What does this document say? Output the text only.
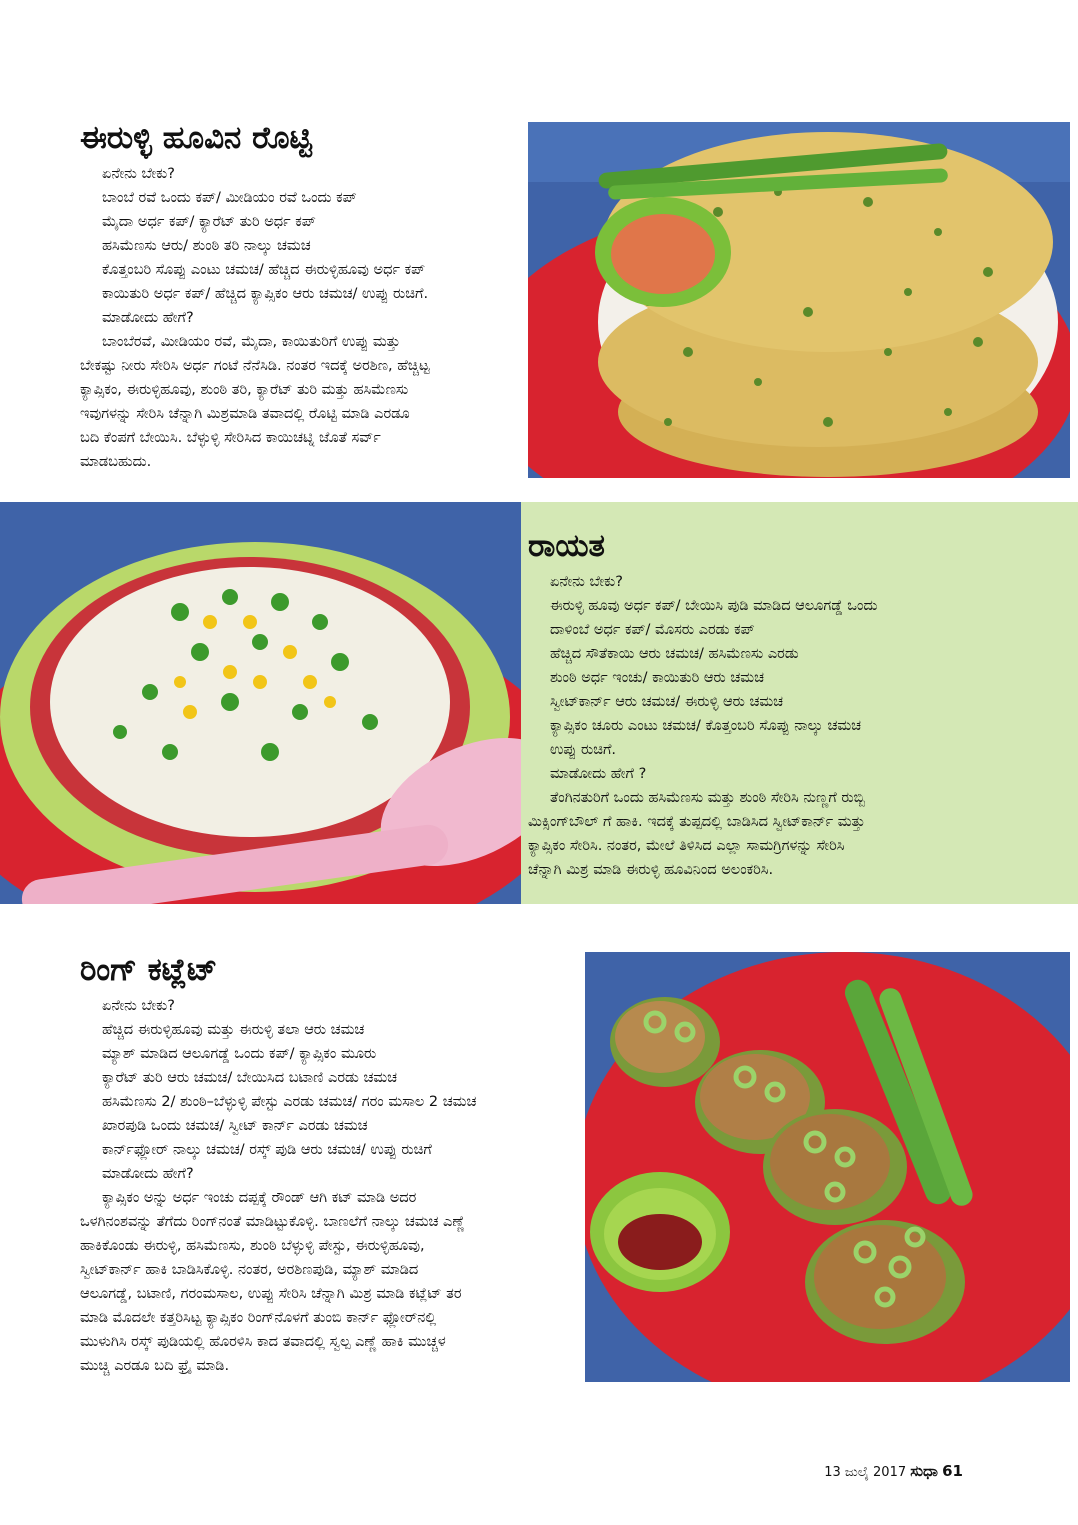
ಈರುಳ್ಳಿ ಹೂವಿನ ರೊಟ್ಟಿ
ಏನೇನು ಬೇಕು?
ಬಾಂಬೆ ರವೆ ಒಂದು ಕಪ್/ ಮೀಡಿಯಂ ರವೆ ಒಂದು ಕಪ್
ಮೈದಾ ಅರ್ಧ ಕಪ್/ ಕ್ಯಾರೆಟ್ ತುರಿ ಅರ್ಧ ಕಪ್
ಹಸಿಮೆಣಸು ಆರು/ ಶುಂಠಿ ತರಿ ನಾಲ್ಕು ಚಮಚ
ಕೊತ್ತಂಬರಿ ಸೊಪ್ಪು ಎಂಟು ಚಮಚ/ ಹೆಚ್ಚಿದ ಈರುಳ್ಳಿಹೂವು ಅರ್ಧ ಕಪ್
ಕಾಯಿತುರಿ ಅರ್ಧ ಕಪ್/ ಹೆಚ್ಚಿದ ಕ್ಯಾಪ್ಸಿಕಂ ಆರು ಚಮಚ/ ಉಪ್ಪು ರುಚಿಗೆ.
ಮಾಡೋದು ಹೇಗೆ?
ಬಾಂಬೆರವೆ, ಮೀಡಿಯಂ ರವೆ, ಮೈದಾ, ಕಾಯಿತುರಿಗೆ ಉಪ್ಪು ಮತ್ತು
ಬೇಕಷ್ಟು ನೀರು ಸೇರಿಸಿ ಅರ್ಧ ಗಂಟೆ ನೆನೆಸಿಡಿ. ನಂತರ ಇದಕ್ಕೆ ಅರಶಿಣ, ಹೆಚ್ಚಿಟ್ಟ
ಕ್ಯಾಪ್ಸಿಕಂ, ಈರುಳ್ಳಿಹೂವು, ಶುಂಠಿ ತರಿ, ಕ್ಯಾರೆಟ್ ತುರಿ ಮತ್ತು ಹಸಿಮೆಣಸು
ಇವುಗಳನ್ನು ಸೇರಿಸಿ ಚೆನ್ನಾಗಿ ಮಿಶ್ರಮಾಡಿ ತವಾದಲ್ಲಿ ರೊಟ್ಟಿ ಮಾಡಿ ಎರಡೂ
ಬದಿ ಕೆಂಪಗೆ ಬೇಯಿಸಿ. ಬೆಳ್ಳುಳ್ಳಿ ಸೇರಿಸಿದ ಕಾಯಿಚಟ್ನಿ ಜೊತೆ ಸರ್ವ್
ಮಾಡಬಹುದು.
ರಾಯತ
ಏನೇನು ಬೇಕು?
ಈರುಳ್ಳಿ ಹೂವು ಅರ್ಧ ಕಪ್/ ಬೇಯಿಸಿ ಪುಡಿ ಮಾಡಿದ ಆಲೂಗಡ್ಡೆ ಒಂದು
ದಾಳಿಂಬೆ ಅರ್ಧ ಕಪ್/ ಮೊಸರು ಎರಡು ಕಪ್
ಹೆಚ್ಚಿದ ಸೌತೆಕಾಯಿ ಆರು ಚಮಚ/ ಹಸಿಮೆಣಸು ಎರಡು
ಶುಂಠಿ ಅರ್ಧ ಇಂಚು/ ಕಾಯಿತುರಿ ಆರು ಚಮಚ
ಸ್ವೀಟ್‌ಕಾರ್ನ್ ಆರು ಚಮಚ/ ಈರುಳ್ಳಿ ಆರು ಚಮಚ
ಕ್ಯಾಪ್ಸಿಕಂ ಚೂರು ಎಂಟು ಚಮಚ/ ಕೊತ್ತಂಬರಿ ಸೊಪ್ಪು ನಾಲ್ಕು ಚಮಚ
ಉಪ್ಪು ರುಚಿಗೆ.
ಮಾಡೋದು ಹೇಗೆ ?
ತೆಂಗಿನತುರಿಗೆ ಒಂದು ಹಸಿಮೆಣಸು ಮತ್ತು ಶುಂಠಿ ಸೇರಿಸಿ ನುಣ್ಣಗೆ ರುಬ್ಬಿ
ಮಿಕ್ಸಿಂಗ್‌ಬೌಲ್ ಗೆ ಹಾಕಿ. ಇದಕ್ಕೆ ತುಪ್ಪದಲ್ಲಿ ಬಾಡಿಸಿದ ಸ್ವೀಟ್‌ಕಾರ್ನ್ ಮತ್ತು
ಕ್ಯಾಪ್ಸಿಕಂ ಸೇರಿಸಿ. ನಂತರ, ಮೇಲೆ ತಿಳಿಸಿದ ಎಲ್ಲಾ ಸಾಮಗ್ರಿಗಳನ್ನು ಸೇರಿಸಿ
ಚೆನ್ನಾಗಿ ಮಿಶ್ರ ಮಾಡಿ ಈರುಳ್ಳಿ ಹೂವಿನಿಂದ ಅಲಂಕರಿಸಿ.
ರಿಂಗ್ ಕಟ್ಲೆಟ್
ಏನೇನು ಬೇಕು?
ಹೆಚ್ಚಿದ ಈರುಳ್ಳಿಹೂವು ಮತ್ತು ಈರುಳ್ಳಿ ತಲಾ ಆರು ಚಮಚ
ಮ್ಯಾಶ್ ಮಾಡಿದ ಆಲೂಗಡ್ಡೆ ಒಂದು ಕಪ್/ ಕ್ಯಾಪ್ಸಿಕಂ ಮೂರು
ಕ್ಯಾರೆಟ್ ತುರಿ ಆರು ಚಮಚ/ ಬೇಯಿಸಿದ ಬಟಾಣಿ ಎರಡು ಚಮಚ
ಹಸಿಮೆಣಸು 2/ ಶುಂಠಿ–ಬೆಳ್ಳುಳ್ಳಿ ಪೇಸ್ಟು ಎರಡು ಚಮಚ/ ಗರಂ ಮಸಾಲ 2 ಚಮಚ
ಖಾರಪುಡಿ ಒಂದು ಚಮಚ/ ಸ್ವೀಟ್ ಕಾರ್ನ್ ಎರಡು ಚಮಚ
ಕಾರ್ನ್‌ಫ್ಲೋರ್ ನಾಲ್ಕು ಚಮಚ/ ರಸ್ಕ್ ಪುಡಿ ಆರು ಚಮಚ/ ಉಪ್ಪು ರುಚಿಗೆ
ಮಾಡೋದು ಹೇಗೆ?
ಕ್ಯಾಪ್ಸಿಕಂ ಅನ್ನು ಅರ್ಧ ಇಂಚು ದಪ್ಪಕ್ಕೆ ರೌಂಡ್ ಆಗಿ ಕಟ್ ಮಾಡಿ ಅದರ
ಒಳಗಿನಂಶವನ್ನು ತೆಗೆದು ರಿಂಗ್‌ನಂತೆ ಮಾಡಿಟ್ಟುಕೊಳ್ಳಿ. ಬಾಣಲೆಗೆ ನಾಲ್ಕು ಚಮಚ ಎಣ್ಣೆ
ಹಾಕಿಕೊಂಡು ಈರುಳ್ಳಿ, ಹಸಿಮೆಣಸು, ಶುಂಠಿ ಬೆಳ್ಳುಳ್ಳಿ ಪೇಸ್ಟು, ಈರುಳ್ಳಿಹೂವು,
ಸ್ವೀಟ್‌ಕಾರ್ನ್ ಹಾಕಿ ಬಾಡಿಸಿಕೊಳ್ಳಿ. ನಂತರ, ಅರಶಿಣಪುಡಿ, ಮ್ಯಾಶ್ ಮಾಡಿದ
ಆಲೂಗಡ್ಡೆ, ಬಟಾಣಿ, ಗರಂಮಸಾಲ, ಉಪ್ಪು ಸೇರಿಸಿ ಚೆನ್ನಾಗಿ ಮಿಶ್ರ ಮಾಡಿ ಕಟ್ಲೆಟ್ ತರ
ಮಾಡಿ ಮೊದಲೇ ಕತ್ತರಿಸಿಟ್ಟ ಕ್ಯಾಪ್ಸಿಕಂ ರಿಂಗ್‌ನೊಳಗೆ ತುಂಬಿ ಕಾರ್ನ್ ಫ್ಲೋರ್‌ನಲ್ಲಿ
ಮುಳುಗಿಸಿ ರಸ್ಕ್ ಪುಡಿಯಲ್ಲಿ ಹೊರಳಿಸಿ ಕಾದ ತವಾದಲ್ಲಿ ಸ್ವಲ್ಪ ಎಣ್ಣೆ ಹಾಕಿ ಮುಚ್ಚಳ
ಮುಚ್ಚಿ ಎರಡೂ ಬದಿ ಫ್ರೈ ಮಾಡಿ.
13 ಜುಲೈ 2017 ಸುಧಾ 61
